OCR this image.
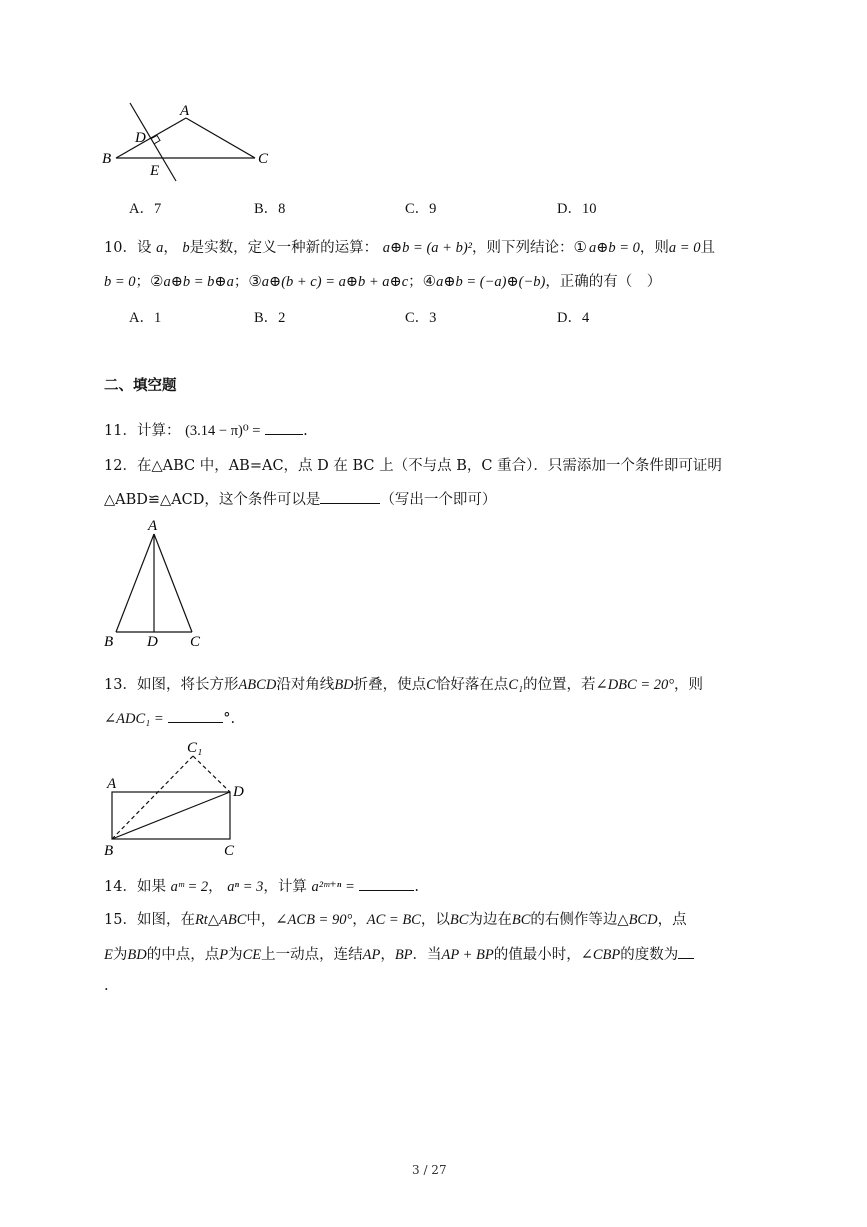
A
B	C
D
E
A．7	B．8	C．9	D．10
10．设 a， b是实数，定义一种新的运算： a⊕b = (a + b)²，则下列结论：① a⊕b = 0，则a = 0且
b = 0；②a⊕b = b⊕a；③a⊕(b + c) = a⊕b + a⊕c；④a⊕b = (−a)⊕(−b)，正确的有（　）
A．1	B．2	C．3	D．4
二、填空题
11．计算： (3.14 − π)⁰ =	.
12．在△ABC 中，AB=AC，点 D 在 BC 上（不与点 B，C 重合）．只需添加一个条件即可证明
△ABD≌△ACD，这个条件可以是	（写出一个即可）
A
B D C
13．如图，将长方形ABCD沿对角线BD折叠，使点C恰好落在点C₁的位置，若∠DBC = 20°，则
∠ADC₁ =	°.
C₁
A	D
B	C
14．如果 aᵐ = 2， aⁿ = 3，计算 a²ᵐ⁺ⁿ =	.
15．如图，在Rt△ABC中，∠ACB = 90°，AC = BC，以BC为边在BC的右侧作等边△BCD，点
E为BD的中点，点P为CE上一动点，连结AP，BP．当AP + BP的值最小时，∠CBP的度数为
.
3 / 27
